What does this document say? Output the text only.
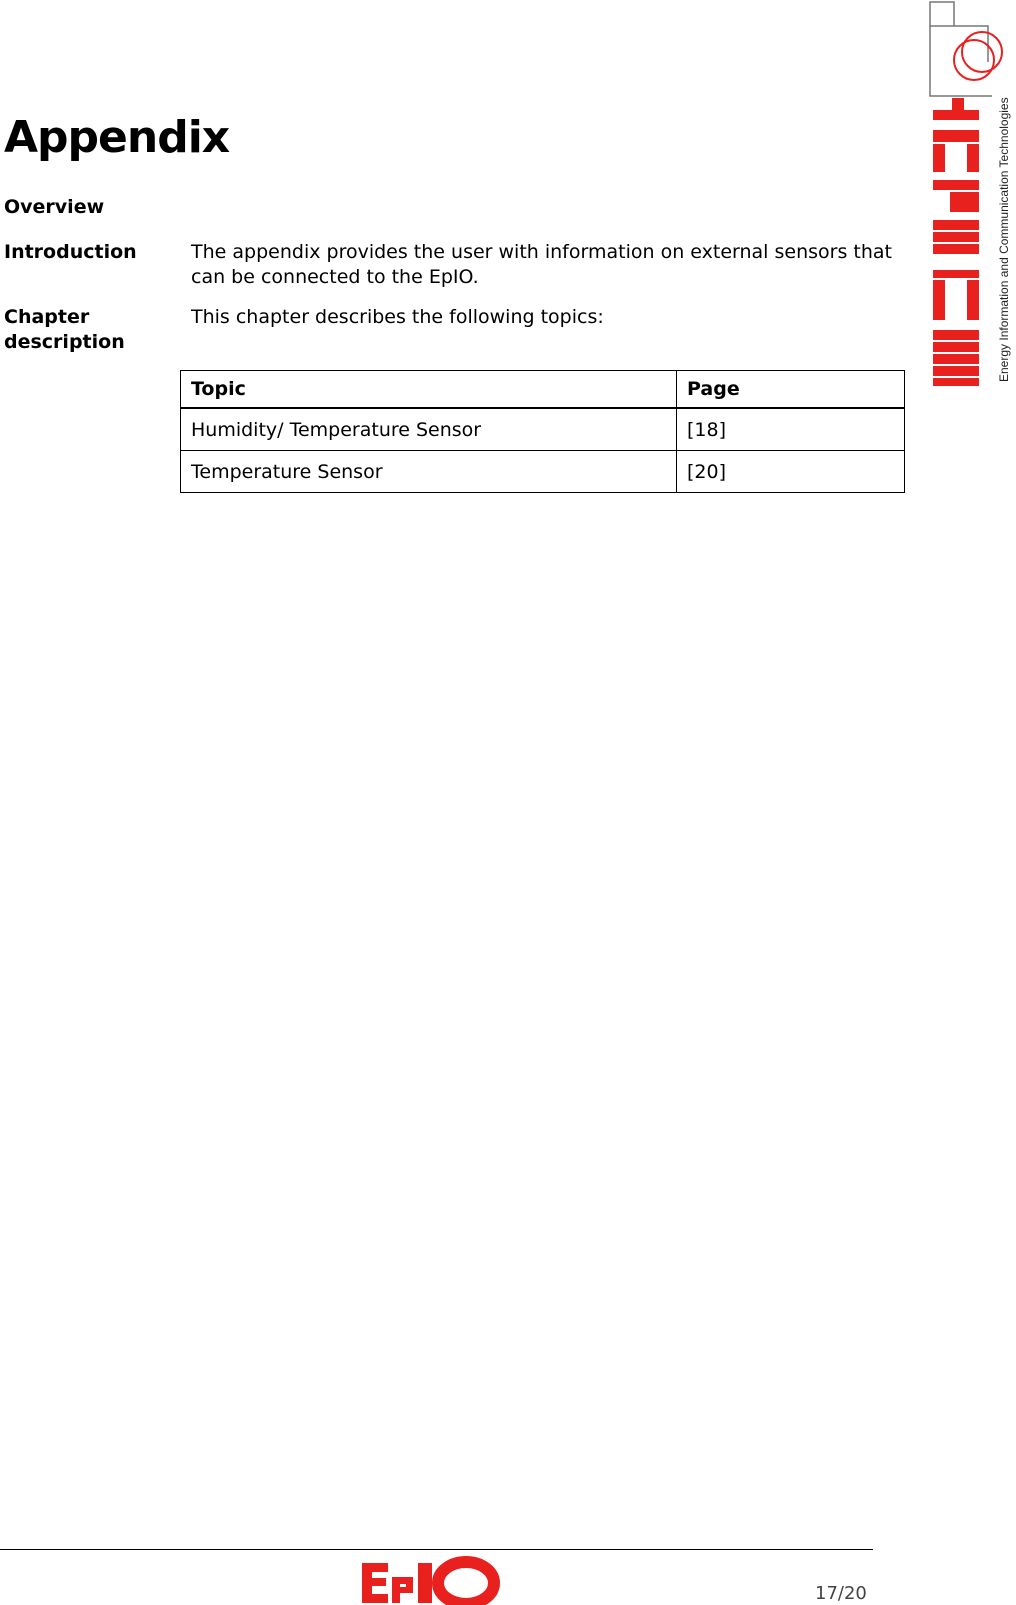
Energy Information and Communication Technologies
Appendix
Overview
Introduction	The appendix provides the user with information on external sensors that can be connected to the EpIO.
Chapter
description
This chapter describes the following topics:
Topic	Page
Humidity/ Temperature Sensor	[18]
Temperature Sensor	[20]
17/20
